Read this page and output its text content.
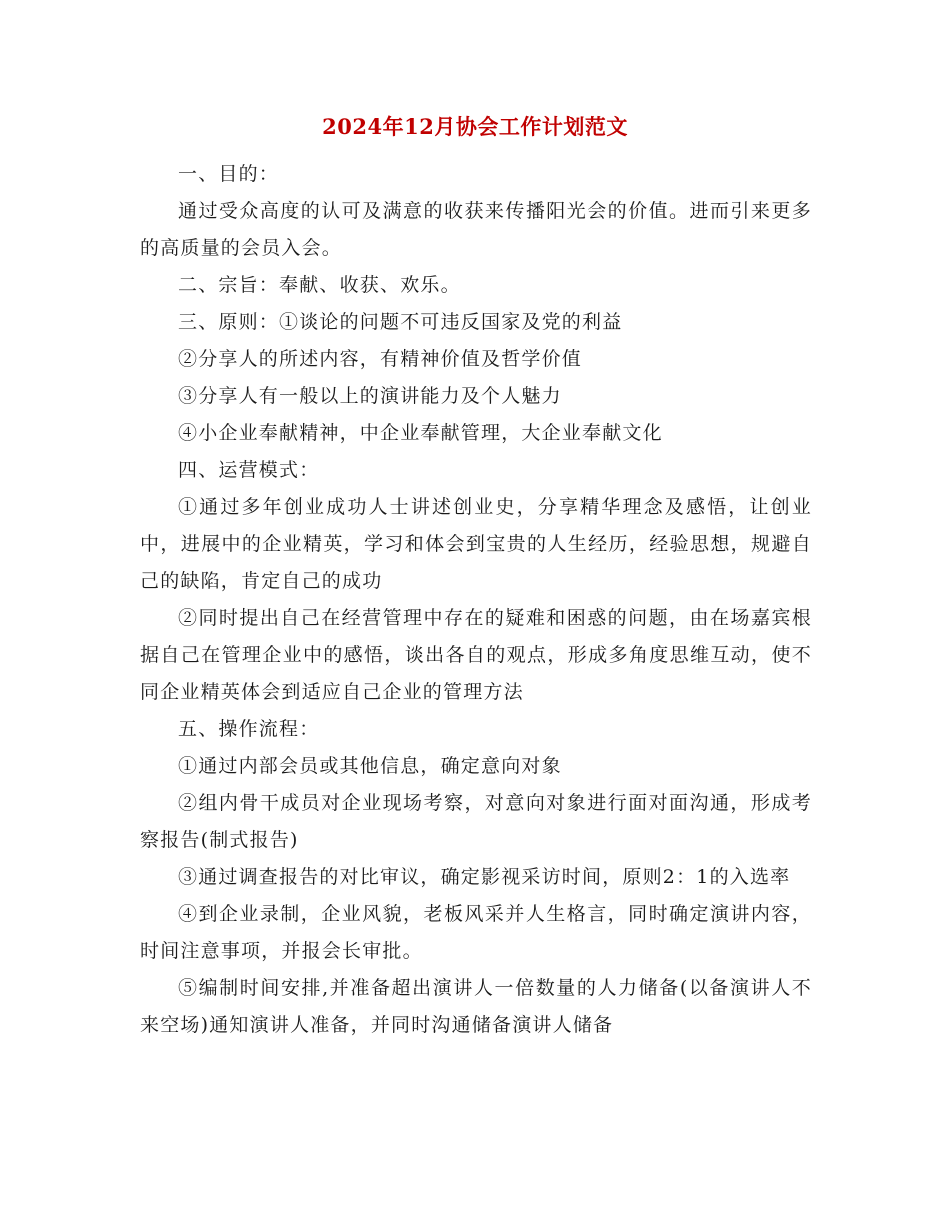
2024年12月协会工作计划范文

一、目的：

通过受众高度的认可及满意的收获来传播阳光会的价值。进而引来更多的高质量的会员入会。

二、宗旨：奉献、收获、欢乐。

三、原则：①谈论的问题不可违反国家及党的利益

②分享人的所述内容，有精神价值及哲学价值

③分享人有一般以上的演讲能力及个人魅力

④小企业奉献精神，中企业奉献管理，大企业奉献文化

四、运营模式：

①通过多年创业成功人士讲述创业史，分享精华理念及感悟，让创业中，进展中的企业精英，学习和体会到宝贵的人生经历，经验思想，规避自己的缺陷，肯定自己的成功

②同时提出自己在经营管理中存在的疑难和困惑的问题，由在场嘉宾根据自己在管理企业中的感悟，谈出各自的观点，形成多角度思维互动，使不同企业精英体会到适应自己企业的管理方法

五、操作流程：

①通过内部会员或其他信息，确定意向对象

②组内骨干成员对企业现场考察，对意向对象进行面对面沟通，形成考察报告(制式报告)

③通过调查报告的对比审议，确定影视采访时间，原则2：1的入选率

④到企业录制，企业风貌，老板风采并人生格言，同时确定演讲内容，时间注意事项，并报会长审批。

⑤编制时间安排,并准备超出演讲人一倍数量的人力储备(以备演讲人不来空场)通知演讲人准备，并同时沟通储备演讲人储备
